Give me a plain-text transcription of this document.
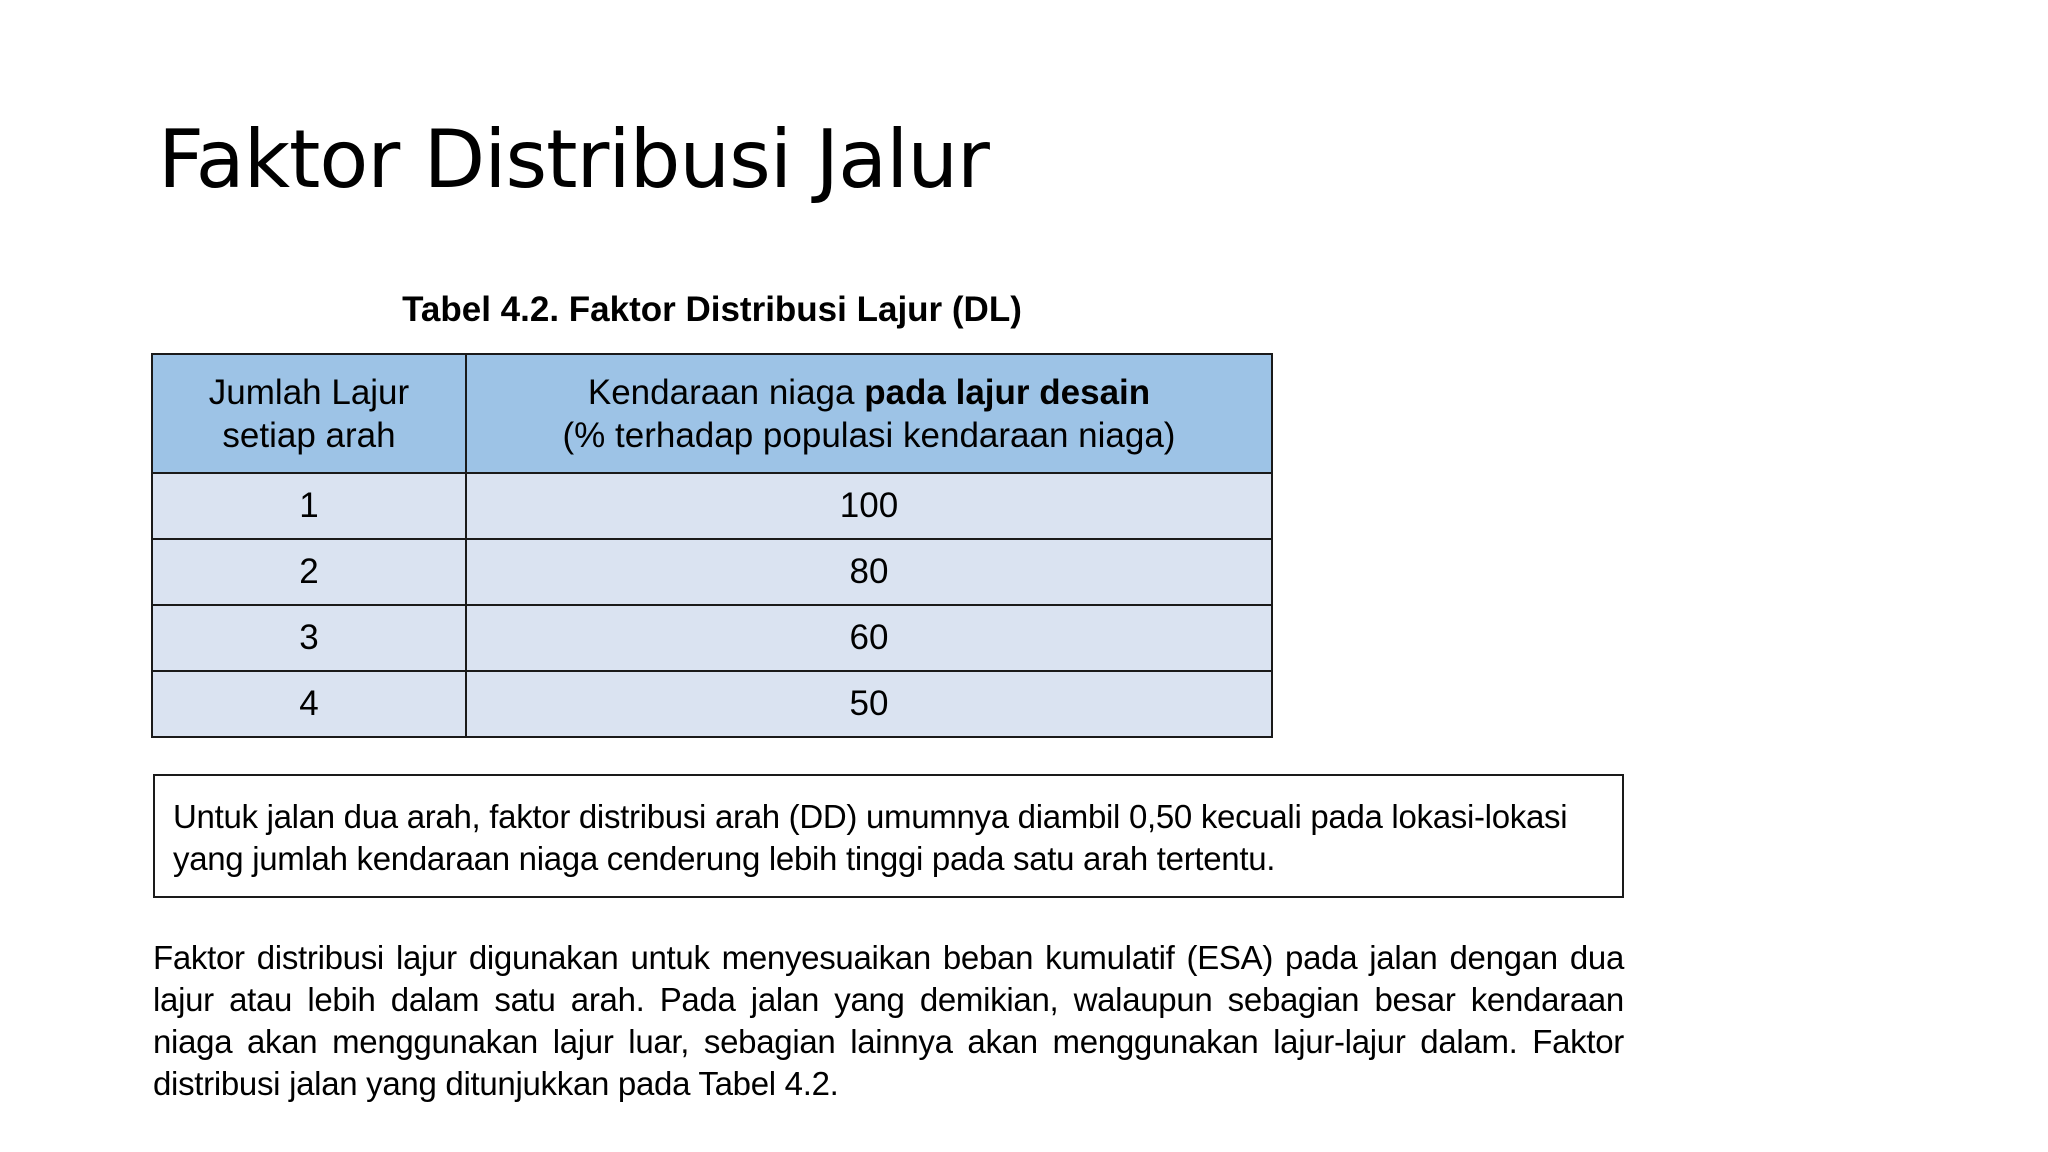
Faktor Distribusi Jalur
Tabel 4.2. Faktor Distribusi Lajur (DL)
Jumlah Lajur
setiap arah	Kendaraan niaga pada lajur desain
(% terhadap populasi kendaraan niaga)
1	100
2	80
3	60
4	50
Untuk jalan dua arah, faktor distribusi arah (DD) umumnya diambil 0,50 kecuali pada lokasi-lokasi yang jumlah kendaraan niaga cenderung lebih tinggi pada satu arah tertentu.

Faktor distribusi lajur digunakan untuk menyesuaikan beban kumulatif (ESA) pada jalan dengan dua lajur atau lebih dalam satu arah. Pada jalan yang demikian, walaupun sebagian besar kendaraan niaga akan menggunakan lajur luar, sebagian lainnya akan menggunakan lajur-lajur dalam. Faktor distribusi jalan yang ditunjukkan pada Tabel 4.2.
